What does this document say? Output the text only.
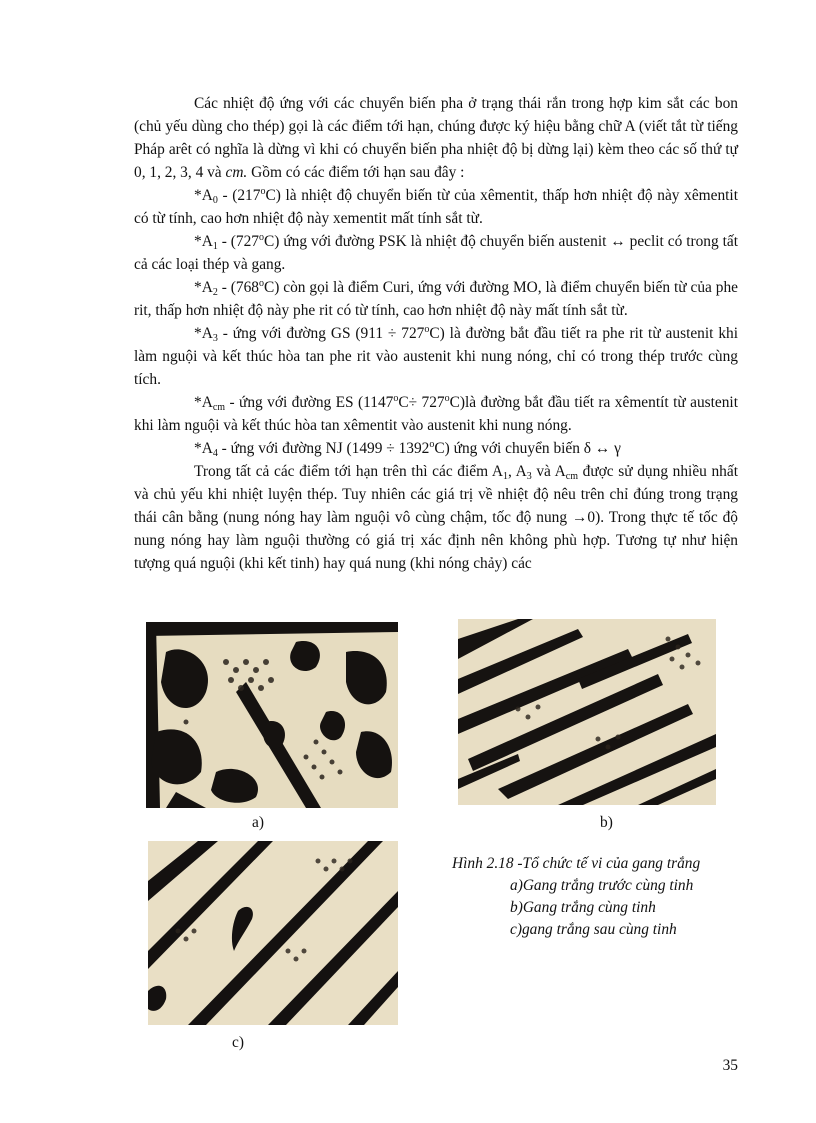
Các nhiệt độ ứng với các chuyển biến pha ở trạng thái rắn trong hợp kim sắt các bon (chủ yếu dùng cho thép) gọi là các điểm tới hạn, chúng được ký hiệu bằng chữ A (viết tắt từ tiếng Pháp arêt có nghĩa là dừng vì khi có chuyển biến pha nhiệt độ bị dừng lại) kèm theo các số thứ tự 0, 1, 2, 3, 4 và cm. Gồm có các điểm tới hạn sau đây :

$*A_0 - (217^oC)$ là nhiệt độ chuyển biến từ của xêmentit, thấp hơn nhiệt độ này xêmentit có từ tính, cao hơn nhiệt độ này xementit mất tính sắt từ.

$*A_1 - (727^oC)$ ứng với đường PSK là nhiệt độ chuyển biến austenit ↔ peclit có trong tất cả các loại thép và gang.

$*A_2 - (768^oC)$ còn gọi là điểm Curi, ứng với đường MO, là điểm chuyển biến từ của phe rit, thấp hơn nhiệt độ này phe rit có từ tính, cao hơn nhiệt độ này mất tính sắt từ.

$*A_3$ - ứng với đường GS $(911 \div 727^oC)$ là đường bắt đầu tiết ra phe rit từ austenit khi làm nguội và kết thúc hòa tan phe rit vào austenit khi nung nóng, chỉ có trong thép trước cùng tích.

$*A_{cm}$ - ứng với đường ES ($1147^oC\div$ $727^oC)là$ đường bắt đầu tiết ra xêmentít từ austenit khi làm nguội và kết thúc hòa tan xêmentit vào austenit khi nung nóng.

$*A_4$ - ứng với đường NJ $(1499 \div 1392^oC)$ ứng với chuyển biến δ ↔ γ

Trong tất cả các điểm tới hạn trên thì các điểm $A_1$, $A_3$ và $A_{cm}$ được sử dụng nhiều nhất và chủ yếu khi nhiệt luyện thép. Tuy nhiên các giá trị về nhiệt độ nêu trên chỉ đúng trong trạng thái cân bằng (nung nóng hay làm nguội vô cùng chậm, tốc độ nung →0). Trong thực tế tốc độ nung nóng hay làm nguội thường có giá trị xác định nên không phù hợp. Tương tự như hiện tượng quá nguội (khi kết tinh) hay quá nung (khi nóng chảy) các

a)	b)
c)

Hình 2.18 -Tổ chức tế vi của gang trắng

a)Gang trắng trước cùng tinh
b)Gang trắng cùng tinh
c)gang trắng sau cùng tinh
35
